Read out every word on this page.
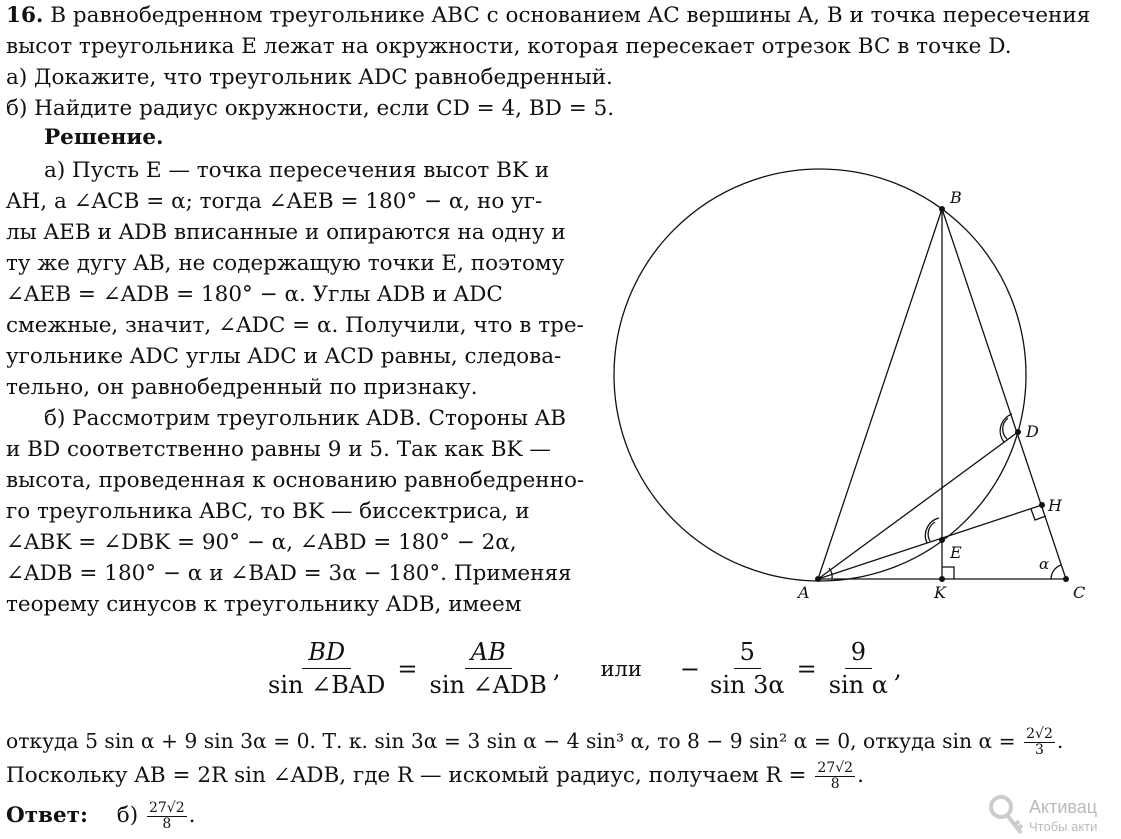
16. В равнобедренном треугольнике ABC с основанием AC вершины A, B и точка пересечения
высот треугольника E лежат на окружности, которая пересекает отрезок BC в точке D.
а) Докажите, что треугольник ADC равнобедренный.
б) Найдите радиус окружности, если CD = 4, BD = 5.
Решение.
а) Пусть E — точка пересечения высот BK и
AH, а ∠ACB = α; тогда ∠AEB = 180° − α, но уг-
лы AEB и ADB вписанные и опираются на одну и
ту же дугу AB, не содержащую точки E, поэтому
∠AEB = ∠ADB = 180° − α. Углы ADB и ADC
смежные, значит, ∠ADC = α. Получили, что в тре-
угольнике ADC углы ADC и ACD равны, следова-
тельно, он равнобедренный по признаку.
б) Рассмотрим треугольник ADB. Стороны AB
и BD соответственно равны 9 и 5. Так как BK —
высота, проведенная к основанию равнобедренно-
го треугольника ABC, то BK — биссектриса, и
∠ABK = ∠DBK = 90° − α, ∠ABD = 180° − 2α,
∠ADB = 180° − α и ∠BAD = 3α − 180°. Применяя
теорему синусов к треугольнику ADB, имеем
$\frac{BD}{\text{sin ∠BAD}} = \frac{AB}{\text{sin ∠ADB}}$ , или − $\frac{5}{\sin 3\alpha} = \frac{9}{\text{sin α}}$ ,
откуда 5 sin α + 9 sin 3α = 0. Т. к. sin 3α = 3 sin α − 4 sin³ α, то 8 − 9 sin² α = 0, откуда $\sin \alpha = \frac{2√2}{3}$ .
Поскольку AB = 2R sin ∠ADB, где R — искомый радиус, получаем $R = \frac{27√2}{8}$ .
Ответ: $б) \frac{27√2}{8}$ .
A
B
C
D
E
H
K
α
Активац
Чтобы акти
